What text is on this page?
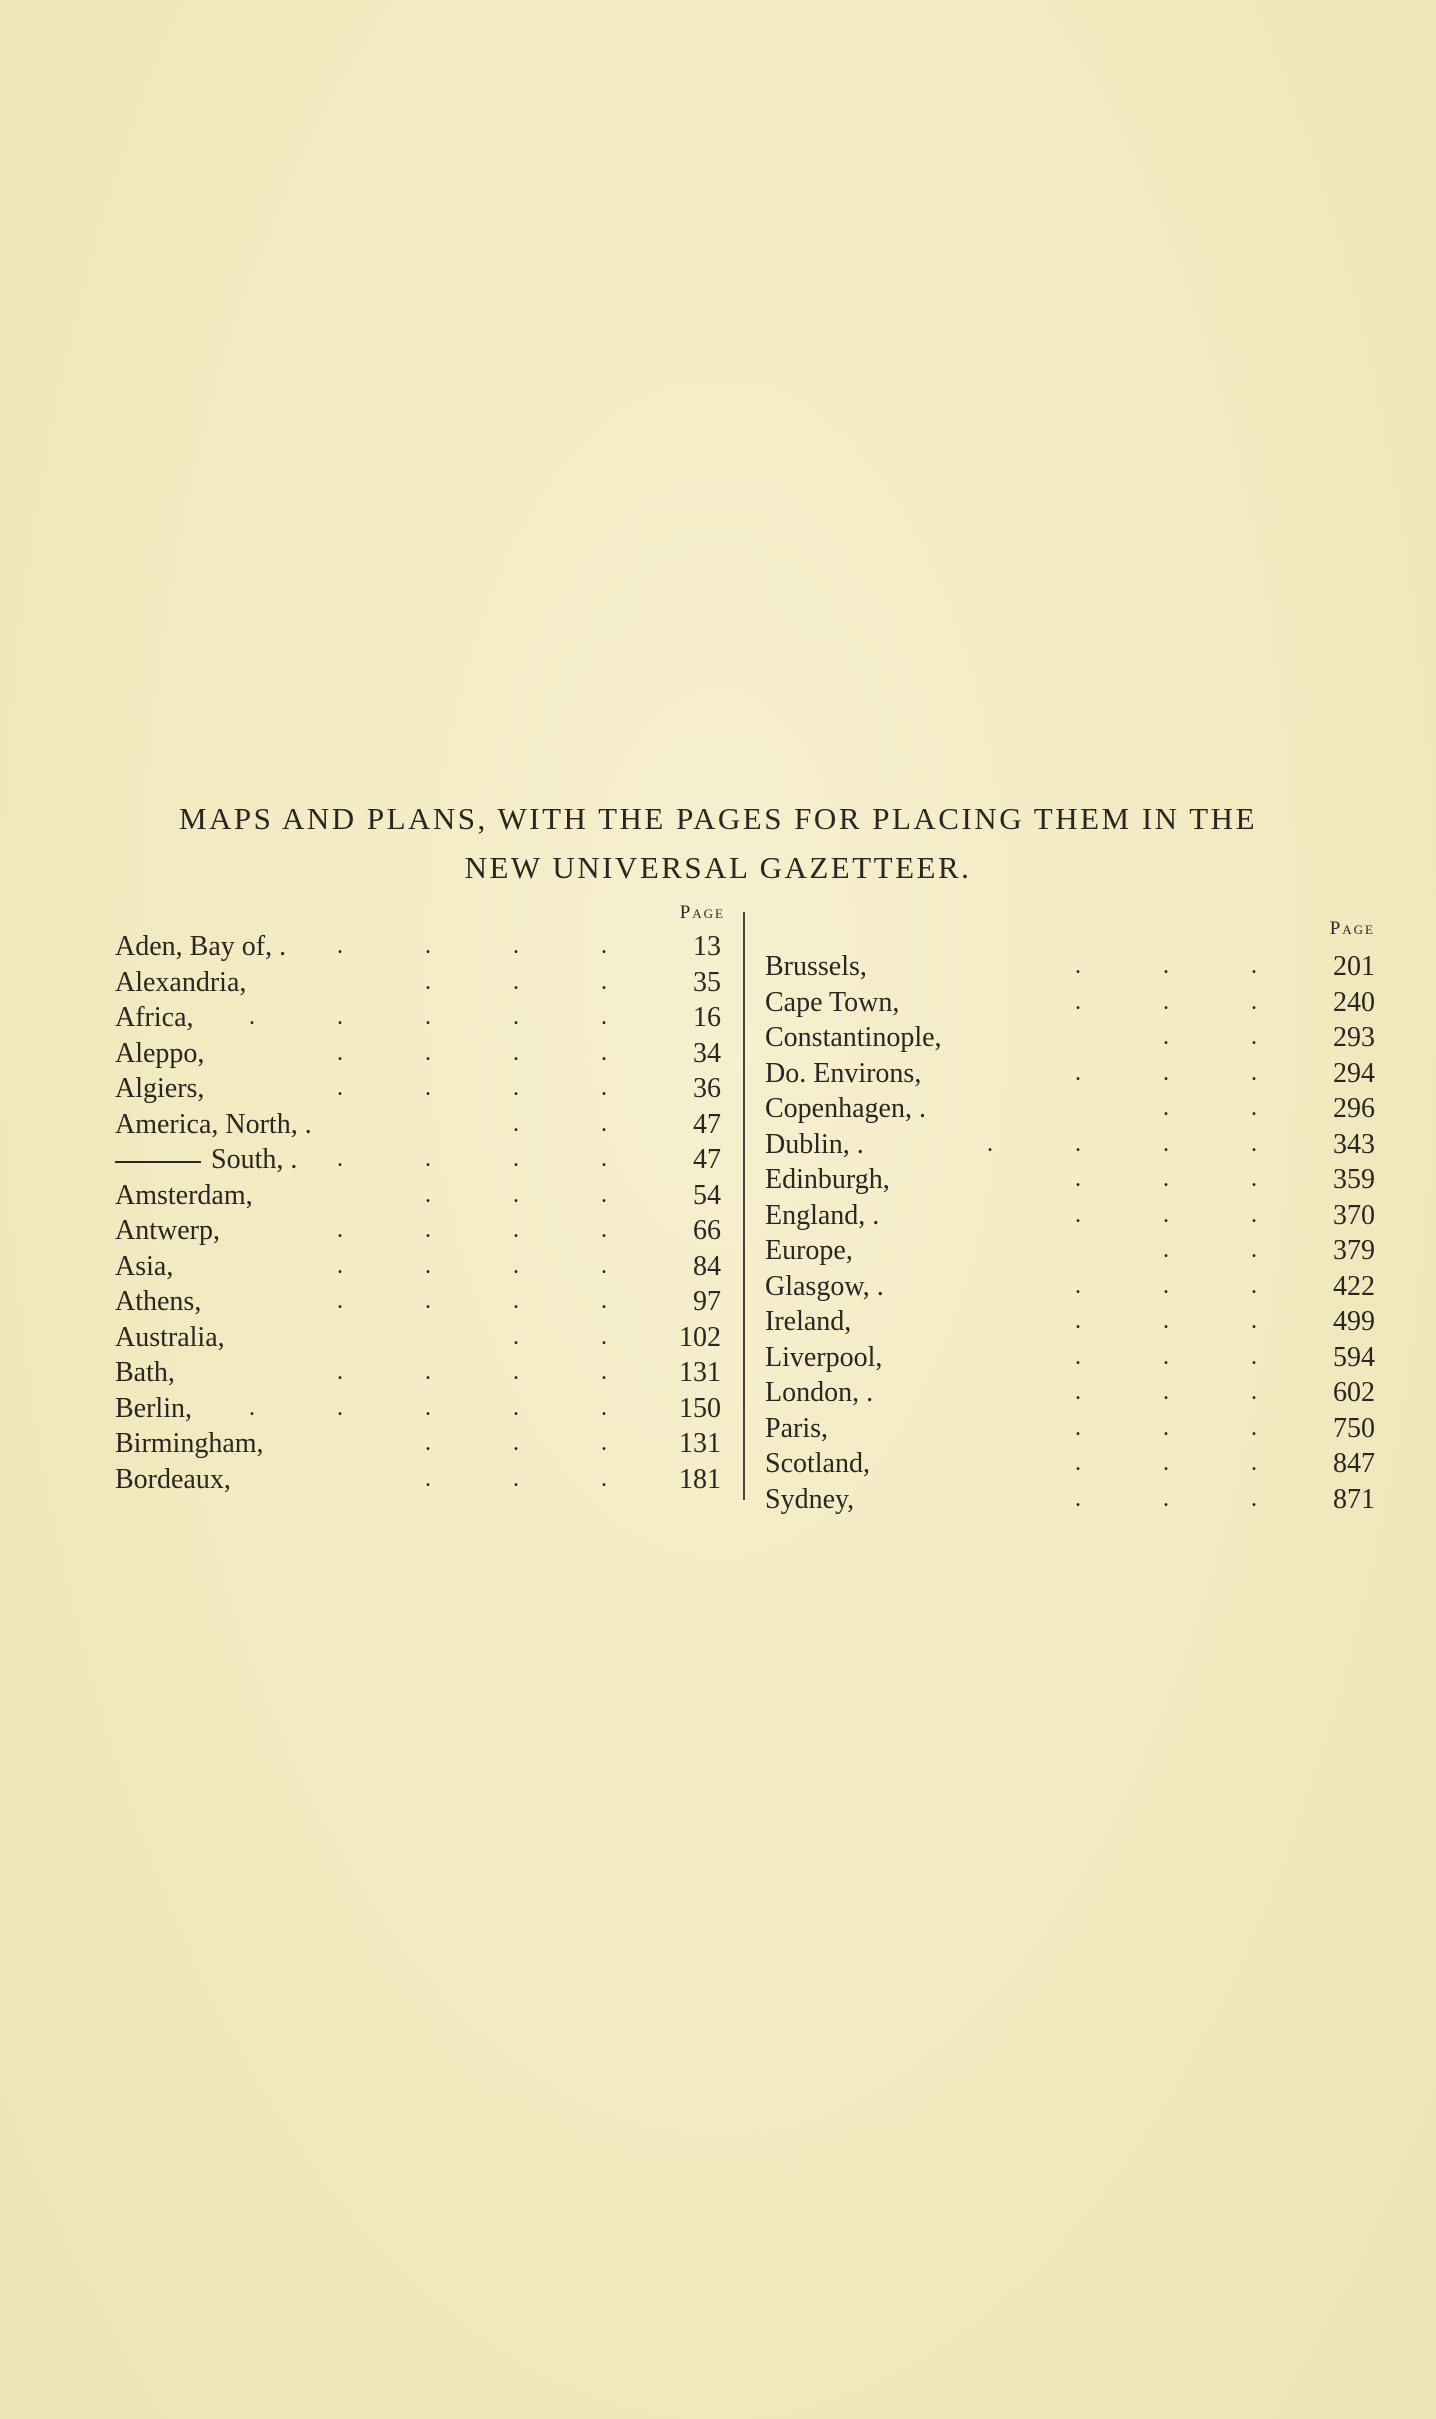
MAPS AND PLANS, WITH THE PAGES FOR PLACING THEM IN THE
NEW UNIVERSAL GAZETTEER.
Page
Aden, Bay of, . . . . .	13
Alexandria,	. . .	35
Africa, . . . . .	16
Aleppo,	. . . .	34
Algiers,	. . . .	36
America, North, .	. .	47
South, . . . . .	47
Amsterdam,	. . .	54
Antwerp,	. . . .	66
Asia,	. . . .	84
Athens,	. . . .	97
Australia,	. .	102
Bath,	. . . .	131
Berlin, . . . . .	150
Birmingham,	. . .	131
Bordeaux,	. . .	181
Page
Brussels,	. . .	201
Cape Town,	. . .	240
Constantinople,	. .	293
Do. Environs,	. . .	294
Copenhagen, .	. .	296
Dublin, .	. . . .	343
Edinburgh,	. . .	359
England, .	. . .	370
Europe,	. .	379
Glasgow, .	. . .	422
Ireland,	. . .	499
Liverpool,	. . .	594
London, .	. . .	602
Paris,	. . .	750
Scotland,	. . .	847
Sydney,	. . .	871
